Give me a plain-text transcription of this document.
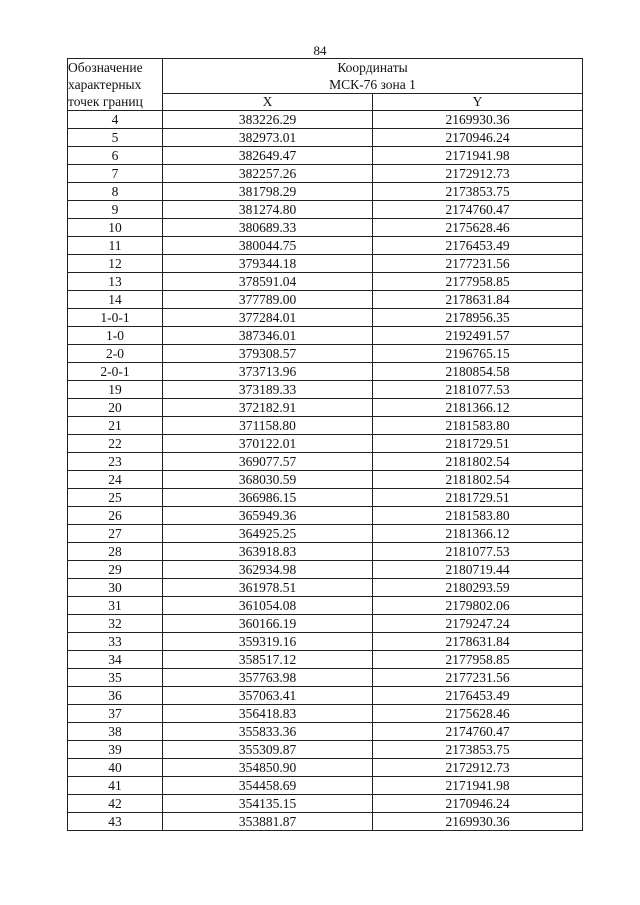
84
Обозначение
характерных
точек границ	Координаты
МСК-76 зона 1	

	X	Y
4	383226.29	2169930.36
5	382973.01	2170946.24
6	382649.47	2171941.98
7	382257.26	2172912.73
8	381798.29	2173853.75
9	381274.80	2174760.47
10	380689.33	2175628.46
11	380044.75	2176453.49
12	379344.18	2177231.56
13	378591.04	2177958.85
14	377789.00	2178631.84
1-0-1	377284.01	2178956.35
1-0	387346.01	2192491.57
2-0	379308.57	2196765.15
2-0-1	373713.96	2180854.58
19	373189.33	2181077.53
20	372182.91	2181366.12
21	371158.80	2181583.80
22	370122.01	2181729.51
23	369077.57	2181802.54
24	368030.59	2181802.54
25	366986.15	2181729.51
26	365949.36	2181583.80
27	364925.25	2181366.12
28	363918.83	2181077.53
29	362934.98	2180719.44
30	361978.51	2180293.59
31	361054.08	2179802.06
32	360166.19	2179247.24
33	359319.16	2178631.84
34	358517.12	2177958.85
35	357763.98	2177231.56
36	357063.41	2176453.49
37	356418.83	2175628.46
38	355833.36	2174760.47
39	355309.87	2173853.75
40	354850.90	2172912.73
41	354458.69	2171941.98
42	354135.15	2170946.24
43	353881.87	2169930.36
